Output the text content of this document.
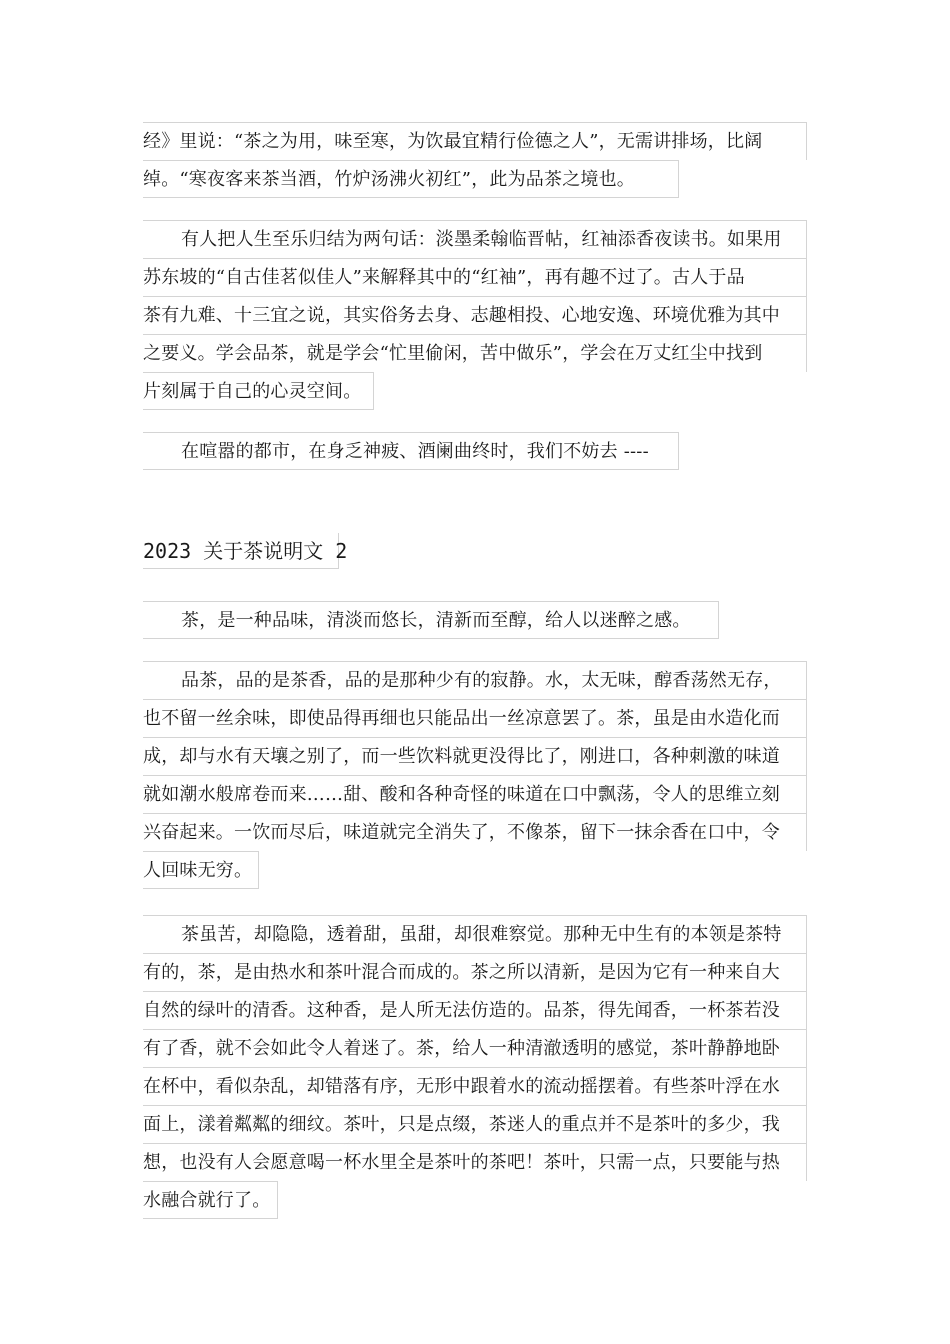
经》里说：“茶之为用，味至寒，为饮最宜精行俭德之人”，无需讲排场，比阔
绰。“寒夜客来茶当酒，竹炉汤沸火初红”，此为品茶之境也。
有人把人生至乐归结为两句话：淡墨柔翰临晋帖，红袖添香夜读书。如果用
苏东坡的“自古佳茗似佳人”来解释其中的“红袖”，再有趣不过了。古人于品
茶有九难、十三宜之说，其实俗务去身、志趣相投、心地安逸、环境优雅为其中
之要义。学会品茶，就是学会“忙里偷闲，苦中做乐”，学会在万丈红尘中找到
片刻属于自己的心灵空间。
在喧嚣的都市，在身乏神疲、酒阑曲终时，我们不妨去 ----
2023 关于茶说明文 2
茶，是一种品味，清淡而悠长，清新而至醇，给人以迷醉之感。
品茶，品的是茶香，品的是那种少有的寂静。水，太无味，醇香荡然无存，
也不留一丝余味，即使品得再细也只能品出一丝凉意罢了。茶，虽是由水造化而
成，却与水有天壤之别了，而一些饮料就更没得比了，刚进口，各种刺激的味道
就如潮水般席卷而来……甜、酸和各种奇怪的味道在口中飘荡，令人的思维立刻
兴奋起来。一饮而尽后，味道就完全消失了，不像茶，留下一抹余香在口中，令
人回味无穷。
茶虽苦，却隐隐，透着甜，虽甜，却很难察觉。那种无中生有的本领是茶特
有的，茶，是由热水和茶叶混合而成的。茶之所以清新，是因为它有一种来自大
自然的绿叶的清香。这种香，是人所无法仿造的。品茶，得先闻香，一杯茶若没
有了香，就不会如此令人着迷了。茶，给人一种清澈透明的感觉，茶叶静静地卧
在杯中，看似杂乱，却错落有序，无形中跟着水的流动摇摆着。有些茶叶浮在水
面上，漾着粼粼的细纹。茶叶，只是点缀，茶迷人的重点并不是茶叶的多少，我
想，也没有人会愿意喝一杯水里全是茶叶的茶吧！茶叶，只需一点，只要能与热
水融合就行了。
